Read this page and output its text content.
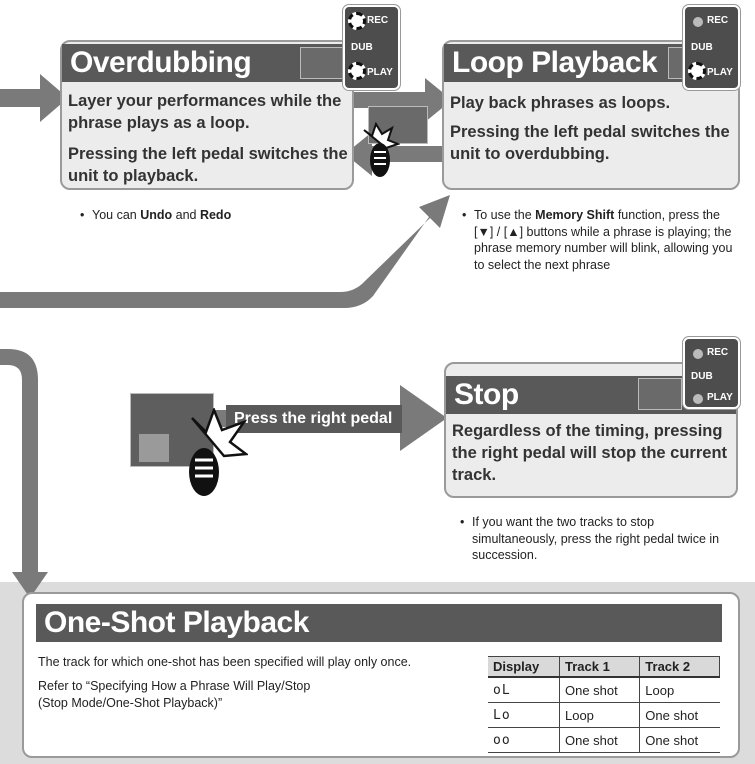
Overdubbing
Layer your performances while the phrase plays as a loop.
Pressing the left pedal switches the unit to playback.
REC
DUB
PLAY Loop Playback
Play back phrases as loops.
Pressing the left pedal switches the unit to overdubbing.
REC
DUB
PLAY
• You can Undo and Redo	• To use the Memory Shift function, press the [▼] / [▲] buttons while a phrase is playing; the phrase memory number will blink, allowing you to select the next phrase
Stop
Regardless of the timing, pressing the right pedal will stop the current track.
REC
DUB
PLAY
• If you want the two tracks to stop simultaneously, press the right pedal twice in succession.
Press the right pedal
One-Shot Playback
The track for which one-shot has been specified will play only once.
Refer to “Specifying How a Phrase Will Play/Stop (Stop Mode/One-Shot Playback)”
Display	Track 1	Track 2
oL	One shot	Loop
Lo	Loop	One shot
oo	One shot	One shot
